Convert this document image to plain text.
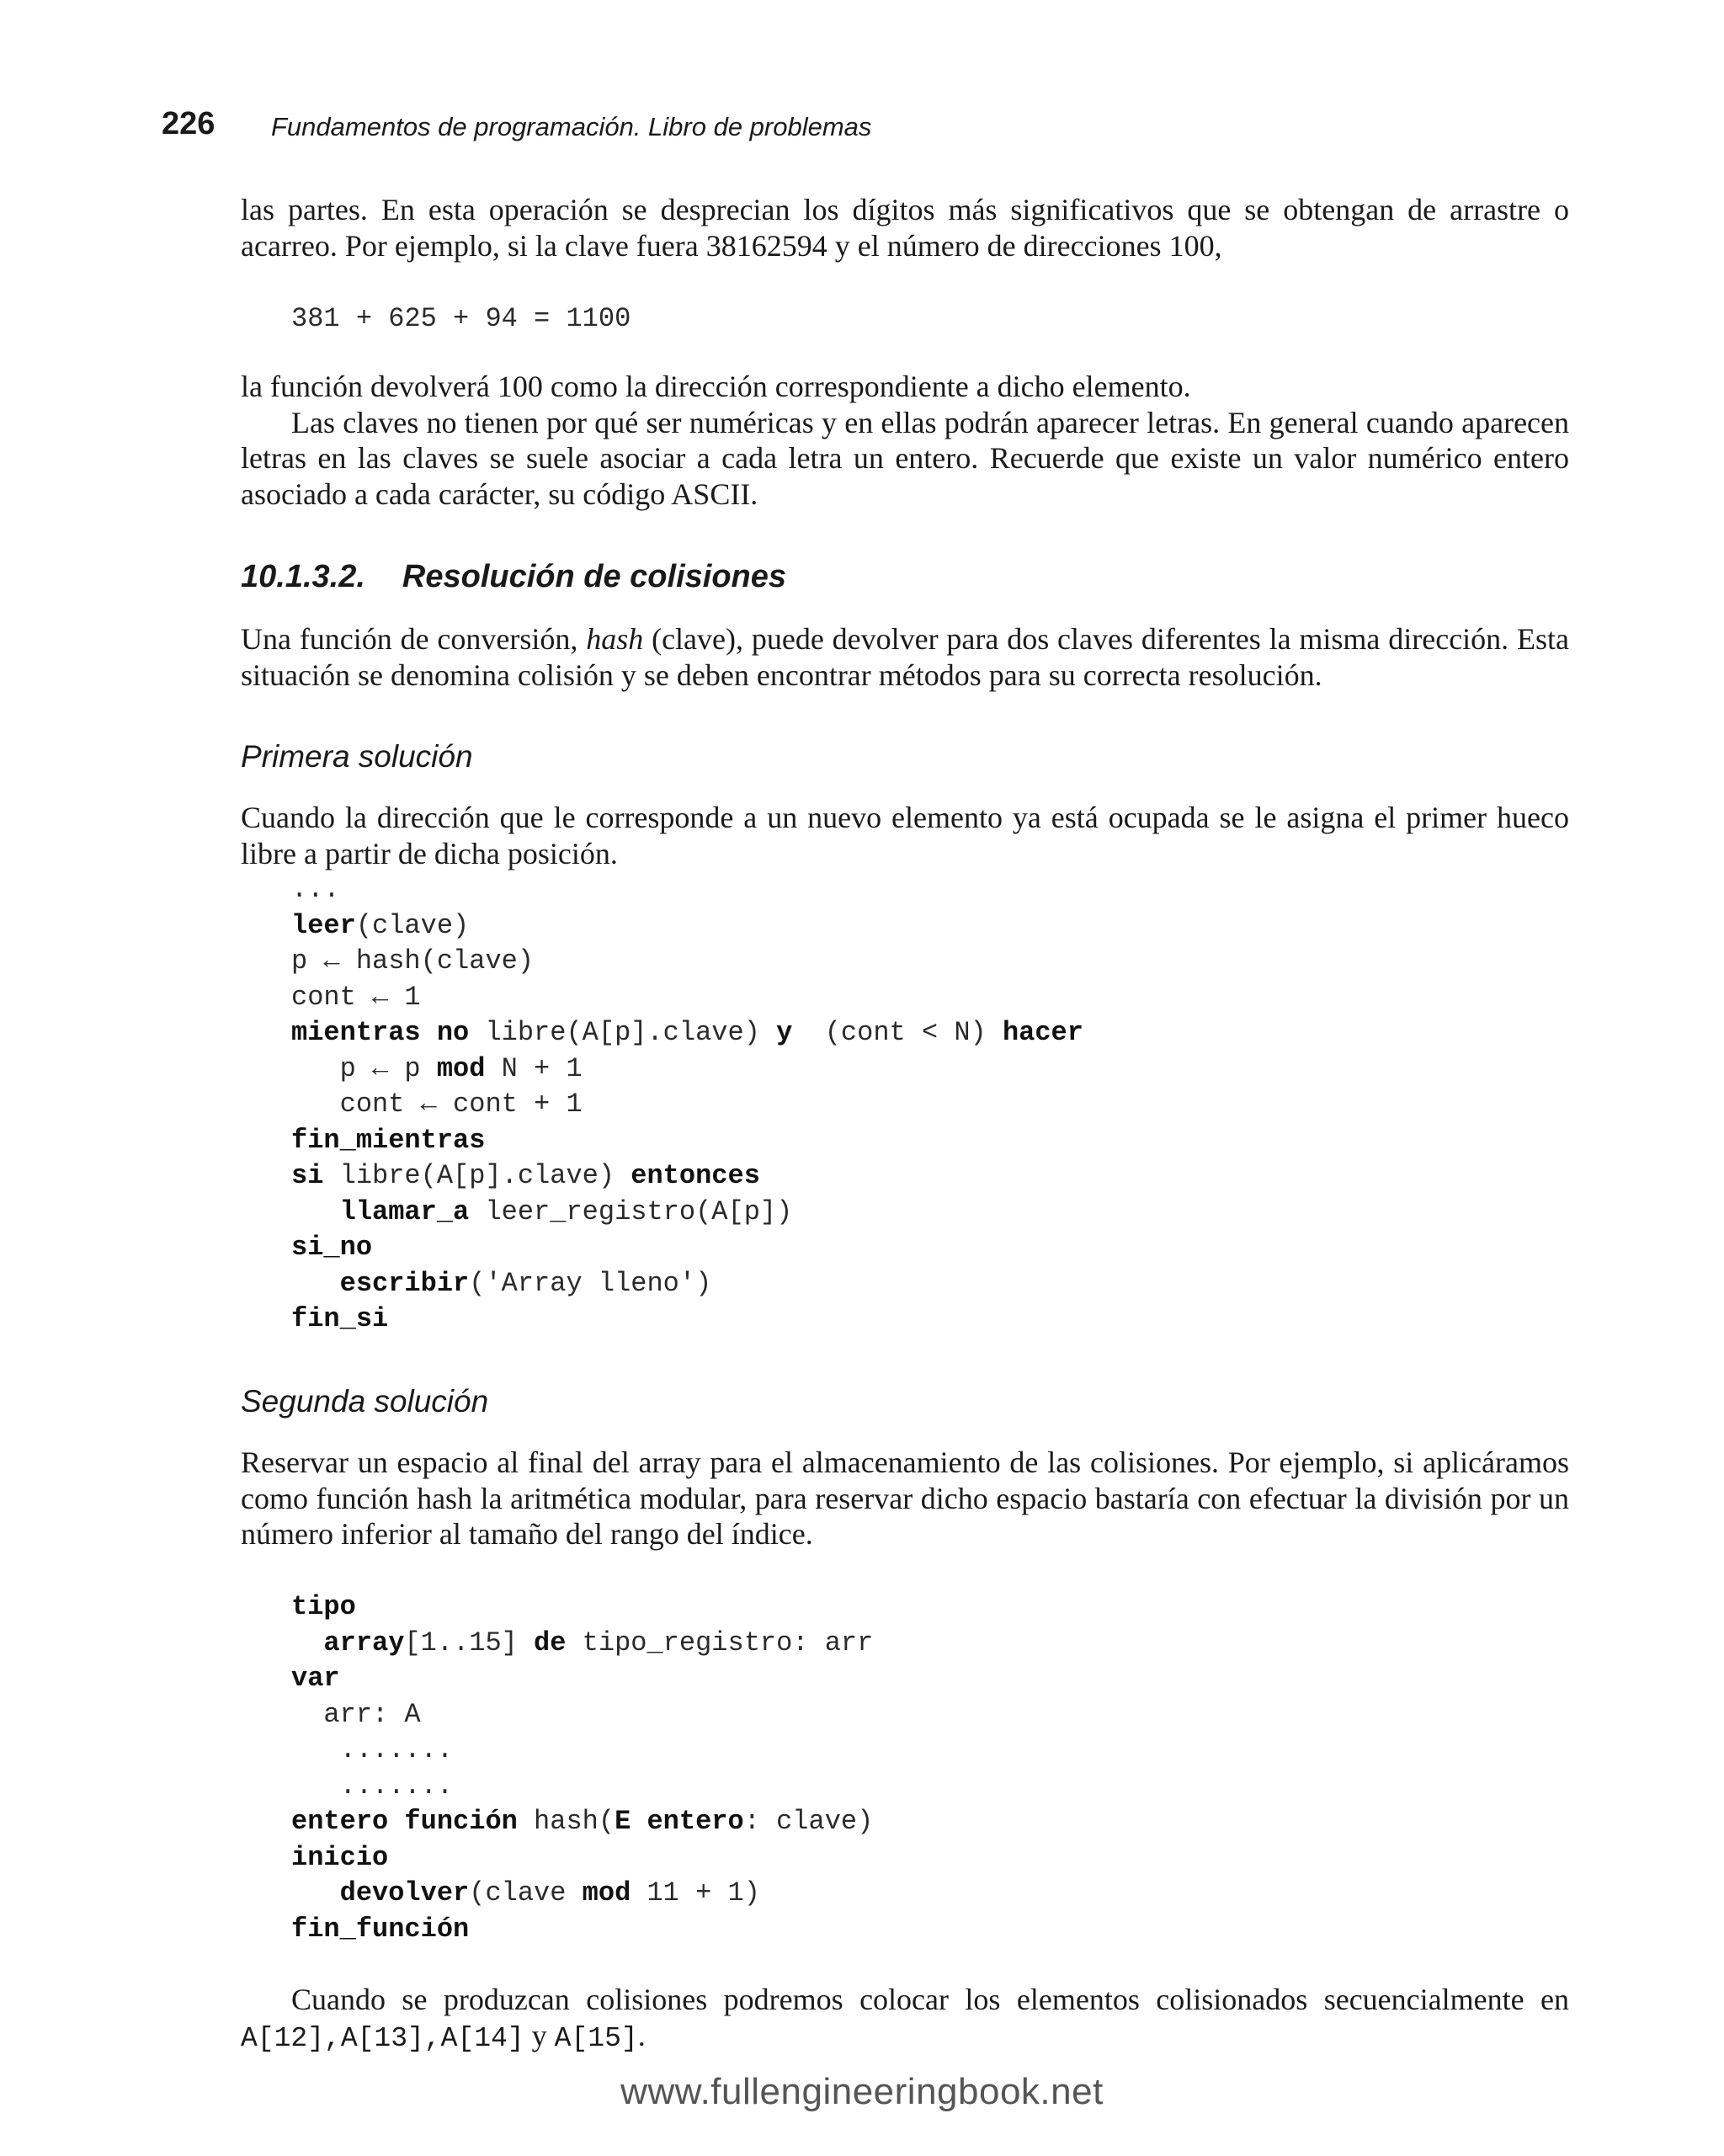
226 Fundamentos de programación. Libro de problemas

las partes. En esta operación se desprecian los dígitos más significativos que se obtengan de arrastre o acarreo. Por ejemplo, si la clave fuera 38162594 y el número de direcciones 100,

381 + 625 + 94 = 1100

la función devolverá 100 como la dirección correspondiente a dicho elemento.

Las claves no tienen por qué ser numéricas y en ellas podrán aparecer letras. En general cuando aparecen letras en las claves se suele asociar a cada letra un entero. Recuerde que existe un valor numérico entero asociado a cada carácter, su código ASCII.

10.1.3.2. Resolución de colisiones

Una función de conversión, hash (clave), puede devolver para dos claves diferentes la misma dirección. Esta situación se denomina colisión y se deben encontrar métodos para su correcta resolución.

Primera solución

Cuando la dirección que le corresponde a un nuevo elemento ya está ocupada se le asigna el primer hueco libre a partir de dicha posición.

...
leer(clave)
p ← hash(clave)
cont ← 1
mientras no libre(A[p].clave) y  (cont < N) hacer
p ← p mod N + 1
cont ← cont + 1
fin_mientras
si libre(A[p].clave) entonces
llamar_a leer_registro(A[p])
si_no
escribir('Array lleno')
fin_si
Segunda solución

Reservar un espacio al final del array para el almacenamiento de las colisiones. Por ejemplo, si aplicáramos como función hash la aritmética modular, para reservar dicho espacio bastaría con efectuar la división por un número inferior al tamaño del rango del índice.

tipo
array[1..15] de tipo_registro: arr
var
arr: A
.......
.......
entero función hash(E entero: clave)
inicio
devolver(clave mod 11 + 1)
fin_función

Cuando se produzcan colisiones podremos colocar los elementos colisionados secuencialmente en A[12],A[13],A[14] y A[15].

www.fullengineeringbook.net
